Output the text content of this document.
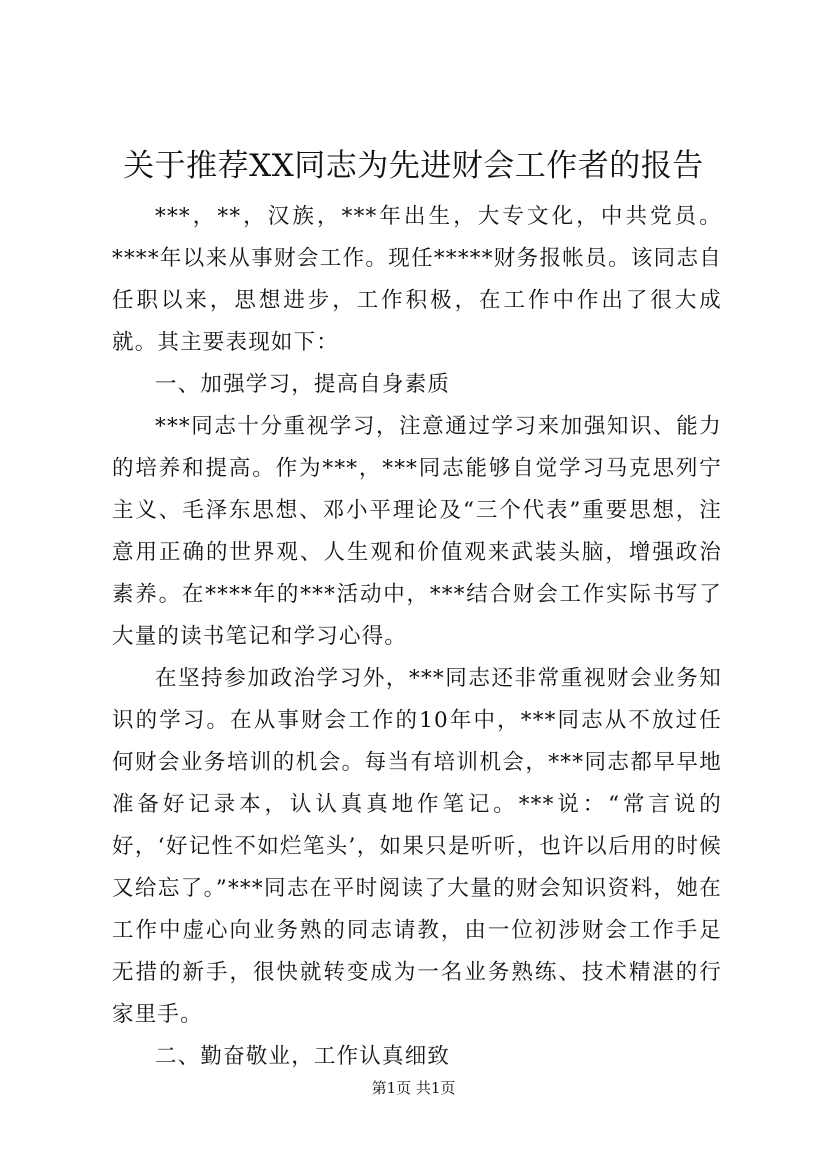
关于推荐XX同志为先进财会工作者的报告

***，**，汉族，***年出生，大专文化，中共党员。****年以来从事财会工作。现任*****财务报帐员。该同志自任职以来，思想进步，工作积极，在工作中作出了很大成就。其主要表现如下：

一、加强学习，提高自身素质

***同志十分重视学习，注意通过学习来加强知识、能力的培养和提高。作为***，***同志能够自觉学习马克思列宁主义、毛泽东思想、邓小平理论及“三个代表”重要思想，注意用正确的世界观、人生观和价值观来武装头脑，增强政治素养。在****年的***活动中，***结合财会工作实际书写了大量的读书笔记和学习心得。

在坚持参加政治学习外，***同志还非常重视财会业务知识的学习。在从事财会工作的10年中，***同志从不放过任何财会业务培训的机会。每当有培训机会，***同志都早早地准备好记录本，认认真真地作笔记。***说：“常言说的好，‘好记性不如烂笔头’，如果只是听听，也许以后用的时候又给忘了。”***同志在平时阅读了大量的财会知识资料，她在工作中虚心向业务熟的同志请教，由一位初涉财会工作手足无措的新手，很快就转变成为一名业务熟练、技术精湛的行家里手。

二、勤奋敬业，工作认真细致

第1页 共1页
